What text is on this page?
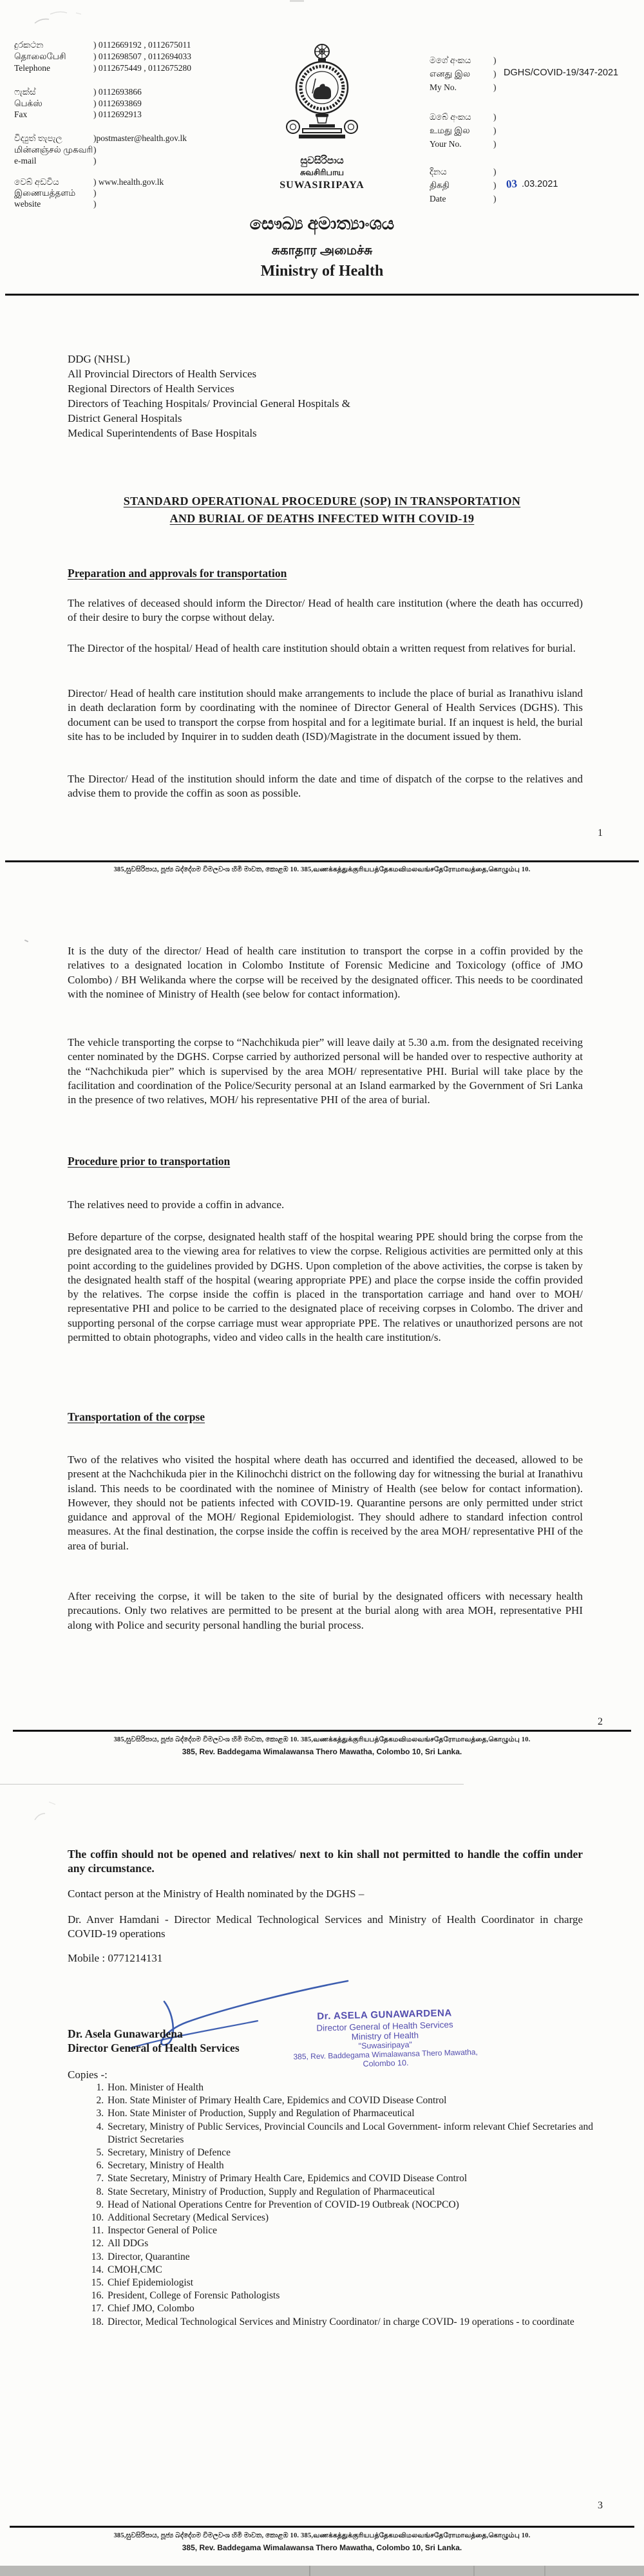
දුරකථන
தொலைபேசி
Telephone
) 0112669192 , 0112675011
) 0112698507 , 0112694033
) 0112675449 , 0112675280
ෆැක්ස්
பெக்ஸ்
Fax
) 0112693866
) 0112693869
) 0112692913
විද්‍යුත් තැපැල
மின்னஞ்சல் முகவரி
e-mail
)postmaster@health.gov.lk
)
)
වෙබ් අඩවිය
இணையத்தளம்
website
) www.health.gov.lk
)
)
සුවසිරිපාය
சுவசிரிபாய
SUWASIRIPAYA
මගේ අංකය
எனது இல
My No.
)
)
)
DGHS/COVID-19/347-2021
ඔබේ අංකය
உமது இல
Your No.
)
)
)
දිනය
திகதி
Date
)
)
)
03 .03.2021
සෞඛ්‍ය අමාත්‍යාංශය
சுகாதார அமைச்சு
Ministry of Health
DDG (NHSL)
All Provincial Directors of Health Services
Regional Directors of Health Services
Directors of Teaching Hospitals/ Provincial General Hospitals &
District General Hospitals
Medical Superintendents of Base Hospitals
STANDARD OPERATIONAL PROCEDURE (SOP) IN TRANSPORTATION
AND BURIAL OF DEATHS INFECTED WITH COVID-19
Preparation and approvals for transportation
The relatives of deceased should inform the Director/ Head of health care institution (where the death has occurred) of their desire to bury the corpse without delay.
The Director of the hospital/ Head of health care institution should obtain a written request from relatives for burial.
Director/ Head of health care institution should make arrangements to include the place of burial as Iranathivu island in death declaration form by coordinating with the nominee of Director General of Health Services (DGHS). This document can be used to transport the corpse from hospital and for a legitimate burial. If an inquest is held, the burial site has to be included by Inquirer in to sudden death (ISD)/Magistrate in the document issued by them.
The Director/ Head of the institution should inform the date and time of dispatch of the corpse to the relatives and advise them to provide the coffin as soon as possible.
1
385,සුවසිරිපාය, පූජ්‍ය බද්දේගම විමලවංශ හිමි මාවත, කොළඹ 10. 385,வணக்கத்துக்குரியபத்தேகமவிமலவங்சதேரோமாவத்தை,கொழும்பு 10.
It is the duty of the director/ Head of health care institution to transport the corpse in a coffin provided by the relatives to a designated location in Colombo Institute of Forensic Medicine and Toxicology (office of JMO Colombo) / BH Welikanda where the corpse will be received by the designated officer. This needs to be coordinated with the nominee of Ministry of Health (see below for contact information).
The vehicle transporting the corpse to “Nachchikuda pier” will leave daily at 5.30 a.m. from the designated receiving center nominated by the DGHS. Corpse carried by authorized personal will be handed over to respective authority at the “Nachchikuda pier” which is supervised by the area MOH/ representative PHI. Burial will take place by the facilitation and coordination of the Police/Security personal at an Island earmarked by the Government of Sri Lanka in the presence of two relatives, MOH/ his representative PHI of the area of burial.
Procedure prior to transportation
The relatives need to provide a coffin in advance.
Before departure of the corpse, designated health staff of the hospital wearing PPE should bring the corpse from the pre designated area to the viewing area for relatives to view the corpse. Religious activities are permitted only at this point according to the guidelines provided by DGHS. Upon completion of the above activities, the corpse is taken by the designated health staff of the hospital (wearing appropriate PPE) and place the corpse inside the coffin provided by the relatives. The corpse inside the coffin is placed in the transportation carriage and hand over to MOH/ representative PHI and police to be carried to the designated place of receiving corpses in Colombo. The driver and supporting personal of the corpse carriage must wear appropriate PPE. The relatives or unauthorized persons are not permitted to obtain photographs, video and video calls in the health care institution/s.
Transportation of the corpse
Two of the relatives who visited the hospital where death has occurred and identified the deceased, allowed to be present at the Nachchikuda pier in the Kilinochchi district on the following day for witnessing the burial at Iranathivu island. This needs to be coordinated with the nominee of Ministry of Health (see below for contact information). However, they should not be patients infected with COVID-19. Quarantine persons are only permitted under strict guidance and approval of the MOH/ Regional Epidemiologist. They should adhere to standard infection control measures. At the final destination, the corpse inside the coffin is received by the area MOH/ representative PHI of the area of burial.
After receiving the corpse, it will be taken to the site of burial by the designated officers with necessary health precautions. Only two relatives are permitted to be present at the burial along with area MOH, representative PHI along with Police and security personal handling the burial process.
2
385,සුවසිරිපාය, පූජ්‍ය බද්දේගම විමලවංශ හිමි මාවත, කොළඹ 10. 385,வணக்கத்துக்குரியபத்தேகமவிமலவங்சதேரோமாவத்தை,கொழும்பு 10.
385, Rev. Baddegama Wimalawansa Thero Mawatha, Colombo 10, Sri Lanka.
The coffin should not be opened and relatives/ next to kin shall not permitted to handle the coffin under any circumstance.
Contact person at the Ministry of Health nominated by the DGHS –
Dr. Anver Hamdani - Director Medical Technological Services and Ministry of Health Coordinator in charge COVID-19 operations
Mobile : 0771214131
Dr. ASELA GUNAWARDENA
Director General of Health Services
Ministry of Health
"Suwasiripaya"
385, Rev. Baddegama Wimalawansa Thero Mawatha,
Colombo 10.
Dr. Asela Gunawardena
Director General of Health Services
Copies -:
1. Hon. Minister of Health
2. Hon. State Minister of Primary Health Care, Epidemics and COVID Disease Control
3. Hon. State Minister of Production, Supply and Regulation of Pharmaceutical
4. Secretary, Ministry of Public Services, Provincial Councils and Local Government- inform relevant Chief Secretaries and District Secretaries
5. Secretary, Ministry of Defence
6. Secretary, Ministry of Health
7. State Secretary, Ministry of Primary Health Care, Epidemics and COVID Disease Control
8. State Secretary, Ministry of Production, Supply and Regulation of Pharmaceutical
9. Head of National Operations Centre for Prevention of COVID-19 Outbreak (NOCPCO)
10. Additional Secretary (Medical Services)
11. Inspector General of Police
12. All DDGs
13. Director, Quarantine
14. CMOH,CMC
15. Chief Epidemiologist
16. President, College of Forensic Pathologists
17. Chief JMO, Colombo
18. Director, Medical Technological Services and Ministry Coordinator/ in charge COVID- 19 operations - to coordinate
3
385,සුවසිරිපාය, පූජ්‍ය බද්දේගම විමලවංශ හිමි මාවත, කොළඹ 10. 385,வணக்கத்துக்குரியபத்தேகமவிமலவங்சதேரோமாவத்தை,கொழும்பு 10.
385, Rev. Baddegama Wimalawansa Thero Mawatha, Colombo 10, Sri Lanka.
